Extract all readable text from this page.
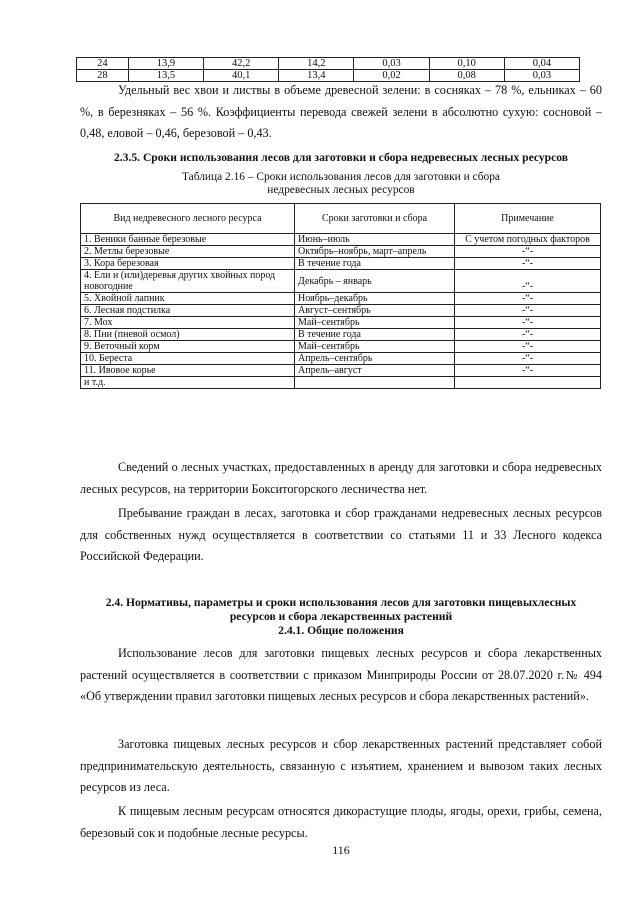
24	13,9	42,2	14,2	0,03	0,10	0,04
28	13,5	40,1	13,4	0,02	0,08	0,03

Удельный вес хвои и листвы в объеме древесной зелени: в сосняках – 78 %, ельниках – 60 %, в березняках – 56 %. Коэффициенты перевода свежей зелени в абсолютно сухую: сосновой – 0,48, еловой – 0,46, березовой – 0,43.

2.3.5. Сроки использования лесов для заготовки и сбора недревесных лесных ресурсов
Таблица 2.16 – Сроки использования лесов для заготовки и сбора недревесных лесных ресурсов
Вид недревесного лесного ресурса	Сроки заготовки и сбора	Примечание
1. Веники банные березовые	Июнь–июль	С учетом погодных факторов
2. Метлы березовые	Октябрь–ноябрь, март–апрель	-“-
3. Кора березовая	В течение года	-“-
4. Ели и (или)деревья других хвойных пород новогодние	Декабрь – январь	-“-
5. Хвойной лапник	Ноябрь–декабрь	-“-
6. Лесная подстилка	Август–сентябрь	-“-
7. Мох	Май–сентябрь	-“-
8. Пни (пневой осмол)	В течение года	-“-
9. Веточный корм	Май–сентябрь	-“-
10. Береста	Апрель–сентябрь	-“-
11. Ивовое корье	Апрель–август	-“-
и т.д.		

Сведений о лесных участках, предоставленных в аренду для заготовки и сбора недревесных лесных ресурсов, на территории Бокситогорского лесничества нет.

Пребывание граждан в лесах, заготовка и сбор гражданами недревесных лесных ресурсов для собственных нужд осуществляется в соответствии со статьями 11 и 33 Лесного кодекса Российской Федерации.

2.4. Нормативы, параметры и сроки использования лесов для заготовки пищевыхлесных
ресурсов и сбора лекарственных растений
2.4.1. Общие положения

Использование лесов для заготовки пищевых лесных ресурсов и сбора лекарственных растений осуществляется в соответствии с приказом Минприроды России от 28.07.2020 г.№ 494 «Об утверждении правил заготовки пищевых лесных ресурсов и сбора лекарственных растений».

Заготовка пищевых лесных ресурсов и сбор лекарственных растений представляет собой предпринимательскую деятельность, связанную с изъятием, хранением и вывозом таких лесных ресурсов из леса.

К пищевым лесным ресурсам относятся дикорастущие плоды, ягоды, орехи, грибы, семена, березовый сок и подобные лесные ресурсы.

116
